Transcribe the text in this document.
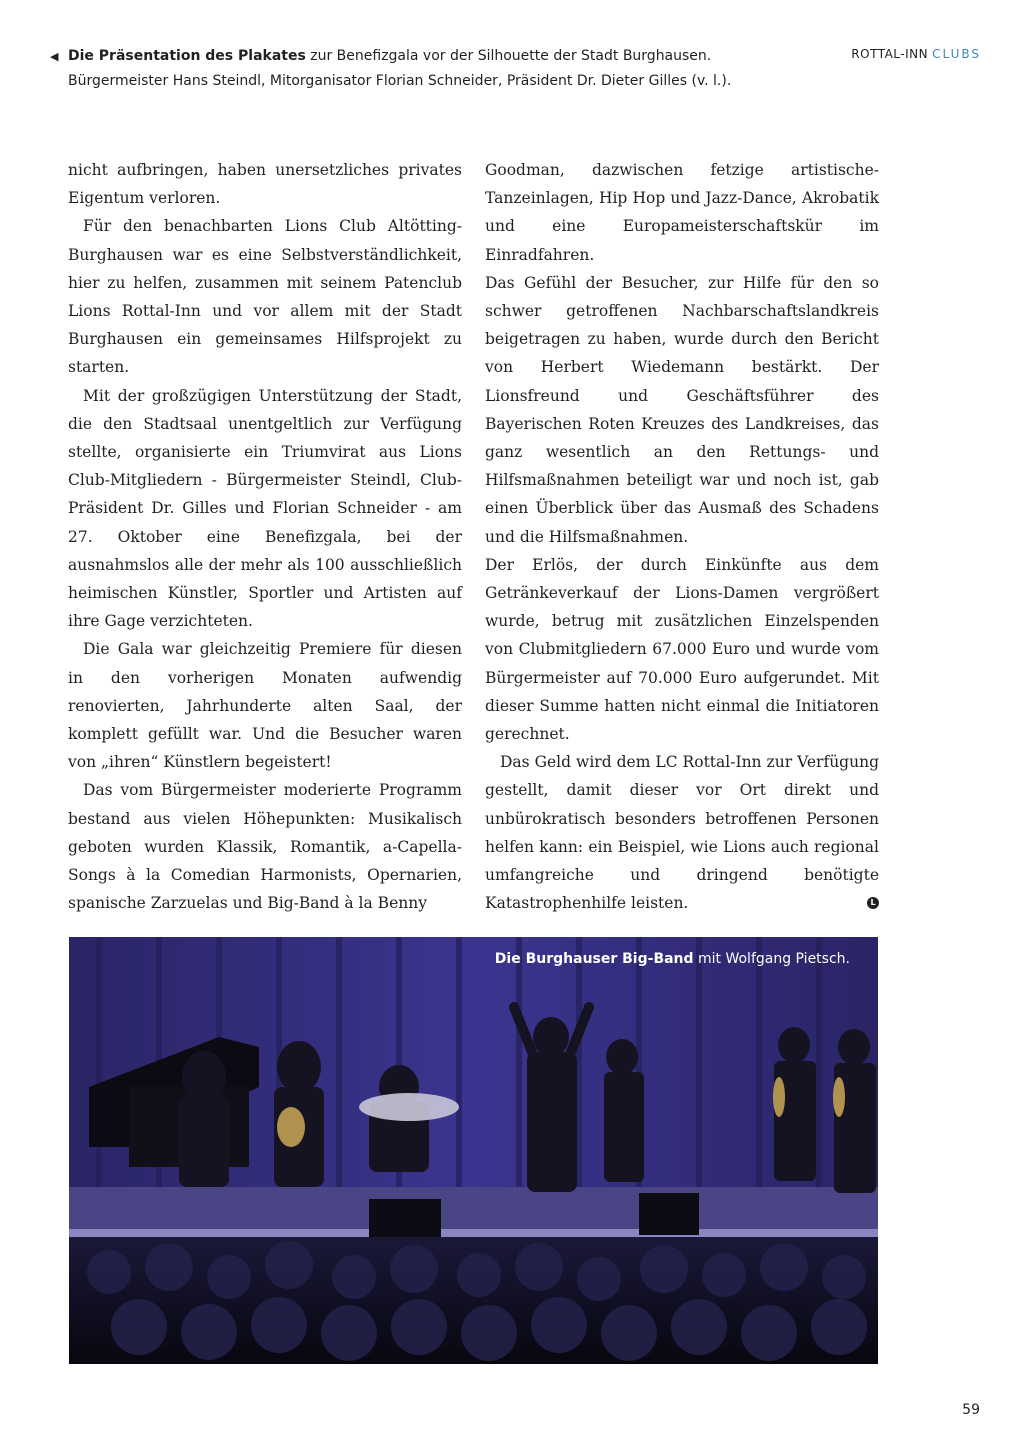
◀ Die Präsentation des Plakates zur Benefizgala vor der Silhouette der Stadt Burghausen.
Bürgermeister Hans Steindl, Mitorganisator Florian Schneider, Präsident Dr. Dieter Gilles (v. l.).
ROTTAL-INN CLUBS

nicht aufbringen, haben unersetzliches privates Eigentum verloren.

Für den benachbarten Lions Club Altötting-Burghausen war es eine Selbstverständlichkeit, hier zu helfen, zusammen mit seinem Patenclub Lions Rottal-Inn und vor allem mit der Stadt Burghausen ein gemeinsames Hilfsprojekt zu starten.

Mit der großzügigen Unterstützung der Stadt, die den Stadtsaal unentgeltlich zur Verfügung stellte, organisierte ein Triumvirat aus Lions Club-Mitgliedern - Bürgermeister Steindl, Club-Präsident Dr. Gilles und Florian Schneider - am 27. Oktober eine Benefizgala, bei der ausnahmslos alle der mehr als 100 ausschließlich heimischen Künstler, Sportler und Artisten auf ihre Gage verzichteten.

Die Gala war gleichzeitig Premiere für diesen in den vorherigen Monaten aufwendig renovierten, Jahrhunderte alten Saal, der komplett gefüllt war. Und die Besucher waren von „ihren“ Künstlern begeistert!

Das vom Bürgermeister moderierte Programm bestand aus vielen Höhepunkten: Musikalisch geboten wurden Klassik, Romantik, a-Capella-Songs à la Comedian Harmonists, Opernarien, spanische Zarzuelas und Big-Band à la Benny

Goodman, dazwischen fetzige artistische-Tanzeinlagen, Hip Hop und Jazz-Dance, Akrobatik und eine Europameisterschaftskür im Einradfahren.

Das Gefühl der Besucher, zur Hilfe für den so schwer getroffenen Nachbarschaftslandkreis beigetragen zu haben, wurde durch den Bericht von Herbert Wiedemann bestärkt. Der Lionsfreund und Geschäftsführer des Bayerischen Roten Kreuzes des Landkreises, das ganz wesentlich an den Rettungs- und Hilfsmaßnahmen beteiligt war und noch ist, gab einen Überblick über das Ausmaß des Schadens und die Hilfsmaßnahmen.

Der Erlös, der durch Einkünfte aus dem Getränkeverkauf der Lions-Damen vergrößert wurde, betrug mit zusätzlichen Einzelspenden von Clubmitgliedern 67.000 Euro und wurde vom Bürgermeister auf 70.000 Euro aufgerundet. Mit dieser Summe hatten nicht einmal die Initiatoren gerechnet.

Das Geld wird dem LC Rottal-Inn zur Verfügung gestellt, damit dieser vor Ort direkt und unbürokratisch besonders betroffenen Personen helfen kann: ein Beispiel, wie Lions auch regional umfangreiche und dringend benötigte Katastrophenhilfe leisten.	L

Die Burghauser Big-Band mit Wolfgang Pietsch.
59
